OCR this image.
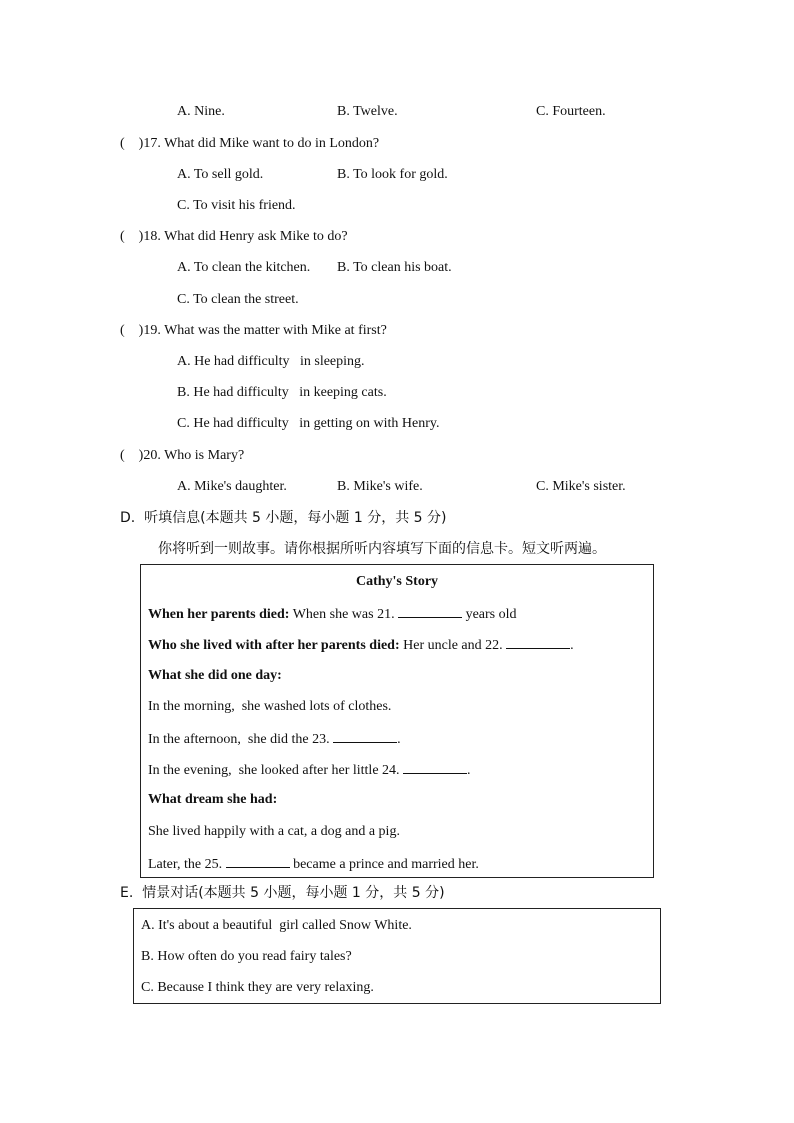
A. Nine.	B. Twelve.	C. Fourteen.
(    )17. What did Mike want to do in London?
A. To sell gold.	B. To look for gold.
C. To visit his friend.
(    )18. What did Henry ask Mike to do?
A. To clean the kitchen. B. To clean his boat.
C. To clean the street.
(    )19. What was the matter with Mike at first?
A. He had difficulty   in sleeping.
B. He had difficulty   in keeping cats.
C. He had difficulty   in getting on with Henry.
(    )20. Who is Mary?
A. Mike's daughter.	B. Mike's wife.	C. Mike's sister.
D.  听填信息(本题共 5 小题，每小题 1 分，共 5 分)
你将听到一则故事。请你根据所听内容填写下面的信息卡。短文听两遍。
Cathy's Story
When her parents died: When she was 21.	years old
Who she lived with after her parents died: Her uncle and 22.	.
What she did one day:
In the morning,  she washed lots of clothes.
In the afternoon,  she did the 23.	.
In the evening,  she looked after her little 24.	.
What dream she had:
She lived happily with a cat, a dog and a pig.
Later, the 25.	became a prince and married her.
E.  情景对话(本题共 5 小题，每小题 1 分，共 5 分)
A. It's about a beautiful  girl called Snow White.
B. How often do you read fairy tales?
C. Because I think they are very relaxing.
